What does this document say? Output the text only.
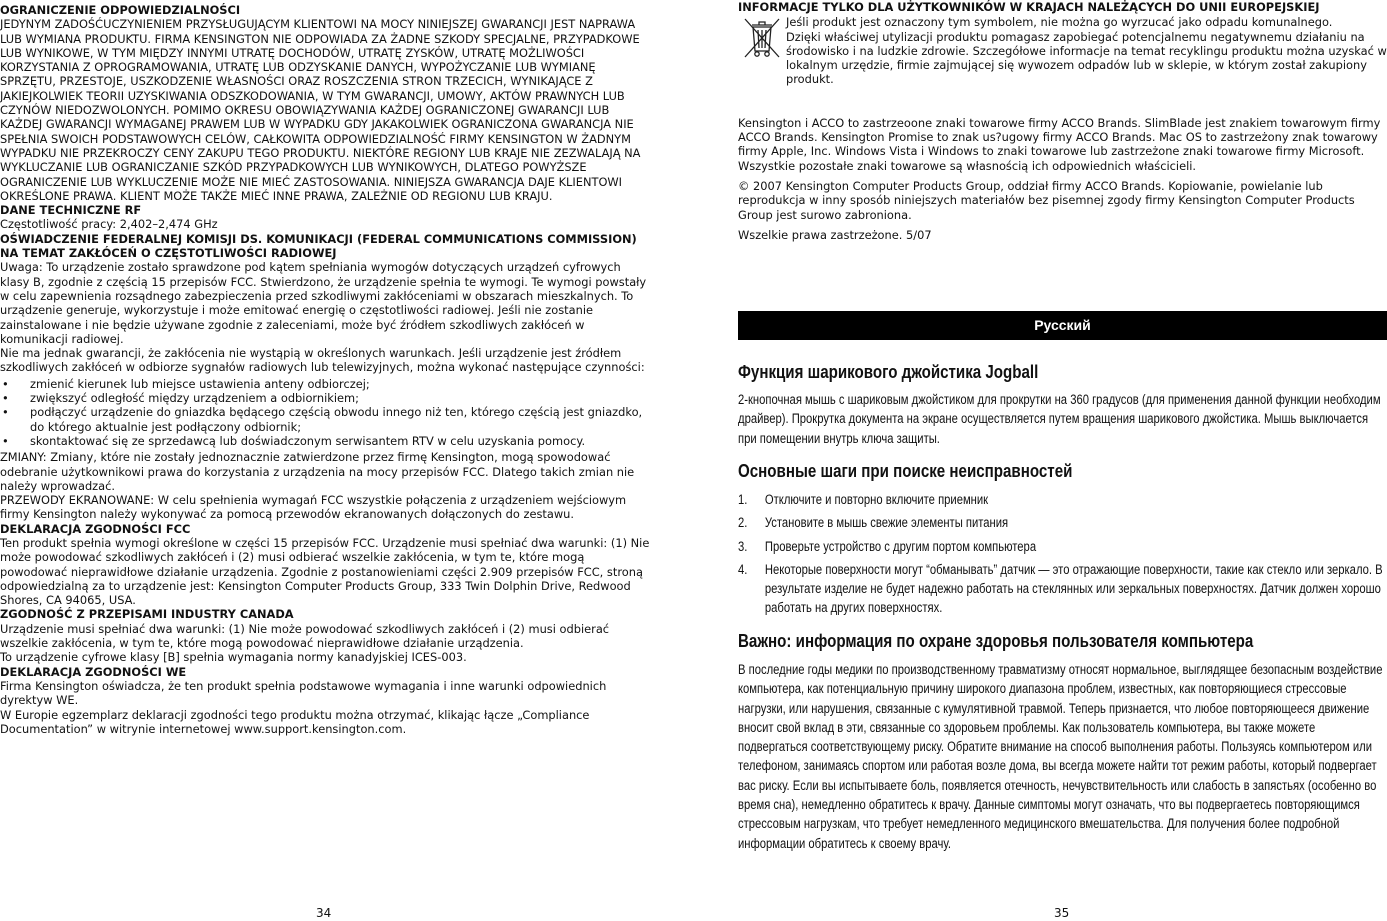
OGRANICZENIE ODPOWIEDZIALNOŚCI

JEDYNYM ZADOŚĆUCZYNIENIEM PRZYSŁUGUJĄCYM KLIENTOWI NA MOCY NINIEJSZEJ GWARANCJI JEST NAPRAWA LUB WYMIANA PRODUKTU. FIRMA KENSINGTON NIE ODPOWIADA ZA ŻADNE SZKODY SPECJALNE, PRZYPADKOWE LUB WYNIKOWE, W TYM MIĘDZY INNYMI UTRATĘ DOCHODÓW, UTRATĘ ZYSKÓW, UTRATĘ MOŻLIWOŚCI KORZYSTANIA Z OPROGRAMOWANIA, UTRATĘ LUB ODZYSKANIE DANYCH, WYPOŻYCZANIE LUB WYMIANĘ SPRZĘTU, PRZESTOJE, USZKODZENIE WŁASNOŚCI ORAZ ROSZCZENIA STRON TRZECICH, WYNIKAJĄCE Z JAKIEJKOLWIEK TEORII UZYSKIWANIA ODSZKODOWANIA, W TYM GWARANCJI, UMOWY, AKTÓW PRAWNYCH LUB CZYNÓW NIEDOZWOLONYCH. POMIMO OKRESU OBOWIĄZYWANIA KAŻDEJ OGRANICZONEJ GWARANCJI LUB KAŻDEJ GWARANCJI WYMAGANEJ PRAWEM LUB W WYPADKU GDY JAKAKOLWIEK OGRANICZONA GWARANCJA NIE SPEŁNIA SWOICH PODSTAWOWYCH CELÓW, CAŁKOWITA ODPOWIEDZIALNOŚĆ FIRMY KENSINGTON W ŻADNYM WYPADKU NIE PRZEKROCZY CENY ZAKUPU TEGO PRODUKTU. NIEKTÓRE REGIONY LUB KRAJE NIE ZEZWALAJĄ NA WYKLUCZANIE LUB OGRANICZANIE SZKÓD PRZYPADKOWYCH LUB WYNIKOWYCH, DLATEGO POWYŻSZE OGRANICZENIE LUB WYKLUCZENIE MOŻE NIE MIEĆ ZASTOSOWANIA. NINIEJSZA GWARANCJA DAJE KLIENTOWI OKREŚLONE PRAWA. KLIENT MOŻE TAKŻE MIEĆ INNE PRAWA, ZALEŻNIE OD REGIONU LUB KRAJU.

DANE TECHNICZNE RF

Częstotliwość pracy: 2,402–2,474 GHz

OŚWIADCZENIE FEDERALNEJ KOMISJI DS. KOMUNIKACJI (FEDERAL COMMUNICATIONS COMMISSION) NA TEMAT ZAKŁÓCEŃ O CZĘSTOTLIWOŚCI RADIOWEJ

Uwaga: To urządzenie zostało sprawdzone pod kątem spełniania wymogów dotyczących urządzeń cyfrowych klasy B, zgodnie z częścią 15 przepisów FCC. Stwierdzono, że urządzenie spełnia te wymogi. Te wymogi powstały w celu zapewnienia rozsądnego zabezpieczenia przed szkodliwymi zakłóceniami w obszarach mieszkalnych. To urządzenie generuje, wykorzystuje i może emitować energię o częstotliwości radiowej. Jeśli nie zostanie zainstalowane i nie będzie używane zgodnie z zaleceniami, może być źródłem szkodliwych zakłóceń w komunikacji radiowej.

Nie ma jednak gwarancji, że zakłócenia nie wystąpią w określonych warunkach. Jeśli urządzenie jest źródłem szkodliwych zakłóceń w odbiorze sygnałów radiowych lub telewizyjnych, można wykonać następujące czynności:

• zmienić kierunek lub miejsce ustawienia anteny odbiorczej;
• zwiększyć odległość między urządzeniem a odbiornikiem;
• podłączyć urządzenie do gniazdka będącego częścią obwodu innego niż ten, którego częścią jest gniazdko, do którego aktualnie jest podłączony odbiornik;
• skontaktować się ze sprzedawcą lub doświadczonym serwisantem RTV w celu uzyskania pomocy.

ZMIANY: Zmiany, które nie zostały jednoznacznie zatwierdzone przez firmę Kensington, mogą spowodować odebranie użytkownikowi prawa do korzystania z urządzenia na mocy przepisów FCC. Dlatego takich zmian nie należy wprowadzać.

PRZEWODY EKRANOWANE: W celu spełnienia wymagań FCC wszystkie połączenia z urządzeniem wejściowym firmy Kensington należy wykonywać za pomocą przewodów ekranowanych dołączonych do zestawu.

DEKLARACJA ZGODNOŚCI FCC

Ten produkt spełnia wymogi określone w części 15 przepisów FCC. Urządzenie musi spełniać dwa warunki: (1) Nie może powodować szkodliwych zakłóceń i (2) musi odbierać wszelkie zakłócenia, w tym te, które mogą powodować nieprawidłowe działanie urządzenia. Zgodnie z postanowieniami części 2.909 przepisów FCC, stroną odpowiedzialną za to urządzenie jest: Kensington Computer Products Group, 333 Twin Dolphin Drive, Redwood Shores, CA 94065, USA.

ZGODNOŚĆ Z PRZEPISAMI INDUSTRY CANADA

Urządzenie musi spełniać dwa warunki: (1) Nie może powodować szkodliwych zakłóceń i (2) musi odbierać wszelkie zakłócenia, w tym te, które mogą powodować nieprawidłowe działanie urządzenia.

To urządzenie cyfrowe klasy [B] spełnia wymagania normy kanadyjskiej ICES-003.

DEKLARACJA ZGODNOŚCI WE

Firma Kensington oświadcza, że ten produkt spełnia podstawowe wymagania i inne warunki odpowiednich dyrektyw WE.

W Europie egzemplarz deklaracji zgodności tego produktu można otrzymać, klikając łącze „Compliance Documentation” w witrynie internetowej www.support.kensington.com.

34

INFORMACJE TYLKO DLA UŻYTKOWNIKÓW W KRAJACH NALEŻĄCYCH DO UNII EUROPEJSKIEJ

Jeśli produkt jest oznaczony tym symbolem, nie można go wyrzucać jako odpadu komunalnego.

Dzięki właściwej utylizacji produktu pomagasz zapobiegać potencjalnemu negatywnemu działaniu na środowisko i na ludzkie zdrowie. Szczegółowe informacje na temat recyklingu produktu można uzyskać w lokalnym urzędzie, firmie zajmującej się wywozem odpadów lub w sklepie, w którym został zakupiony produkt.

Kensington i ACCO to zastrzeoone znaki towarowe firmy ACCO Brands. SlimBlade jest znakiem towarowym firmy ACCO Brands. Kensington Promise to znak us?ugowy firmy ACCO Brands. Mac OS to zastrzeżony znak towarowy firmy Apple, Inc. Windows Vista i Windows to znaki towarowe lub zastrzeżone znaki towarowe firmy Microsoft. Wszystkie pozostałe znaki towarowe są własnością ich odpowiednich właścicieli.

© 2007 Kensington Computer Products Group, oddział firmy ACCO Brands. Kopiowanie, powielanie lub reprodukcja w inny sposób niniejszych materiałów bez pisemnej zgody firmy Kensington Computer Products Group jest surowo zabroniona.

Wszelkie prawa zastrzeżone. 5/07

Русский
Функция шарикового джойстика Jogball
2-кнопочная мышь с шариковым джойстиком для прокрутки на 360 градусов (для применения данной функции необходим драйвер). Прокрутка документа на экране осуществляется путем вращения шарикового джойстика. Мышь выключается при помещении внутрь ключа защиты.
Основные шаги при поиске неисправностей
1. Отключите и повторно включите приемник
2. Установите в мышь свежие элементы питания
3. Проверьте устройство с другим портом компьютера
4. Некоторые поверхности могут “обманывать” датчик — это отражающие поверхности, такие как стекло или зеркало. В результате изделие не будет надежно работать на стеклянных или зеркальных поверхностях. Датчик должен хорошо работать на других поверхностях.
Важно: информация по охране здоровья пользователя компьютера
В последние годы медики по производственному травматизму относят нормальное, выглядящее безопасным воздействие компьютера, как потенциальную причину широкого диапазона проблем, известных, как повторяющиеся стрессовые нагрузки, или нарушения, связанные с кумулятивной травмой. Теперь признается, что любое повторяющееся движение вносит свой вклад в эти, связанные со здоровьем проблемы. Как пользователь компьютера, вы также можете подвергаться соответствующему риску. Обратите внимание на способ выполнения работы. Пользуясь компьютером или телефоном, занимаясь спортом или работая возле дома, вы всегда можете найти тот режим работы, который подвергает вас риску. Если вы испытываете боль, появляется отечность, нечувствительность или слабость в запястьях (особенно во время сна), немедленно обратитесь к врачу. Данные симптомы могут означать, что вы подвергаетесь повторяющимся стрессовым нагрузкам, что требует немедленного медицинского вмешательства. Для получения более подробной информации обратитесь к своему врачу.
35
